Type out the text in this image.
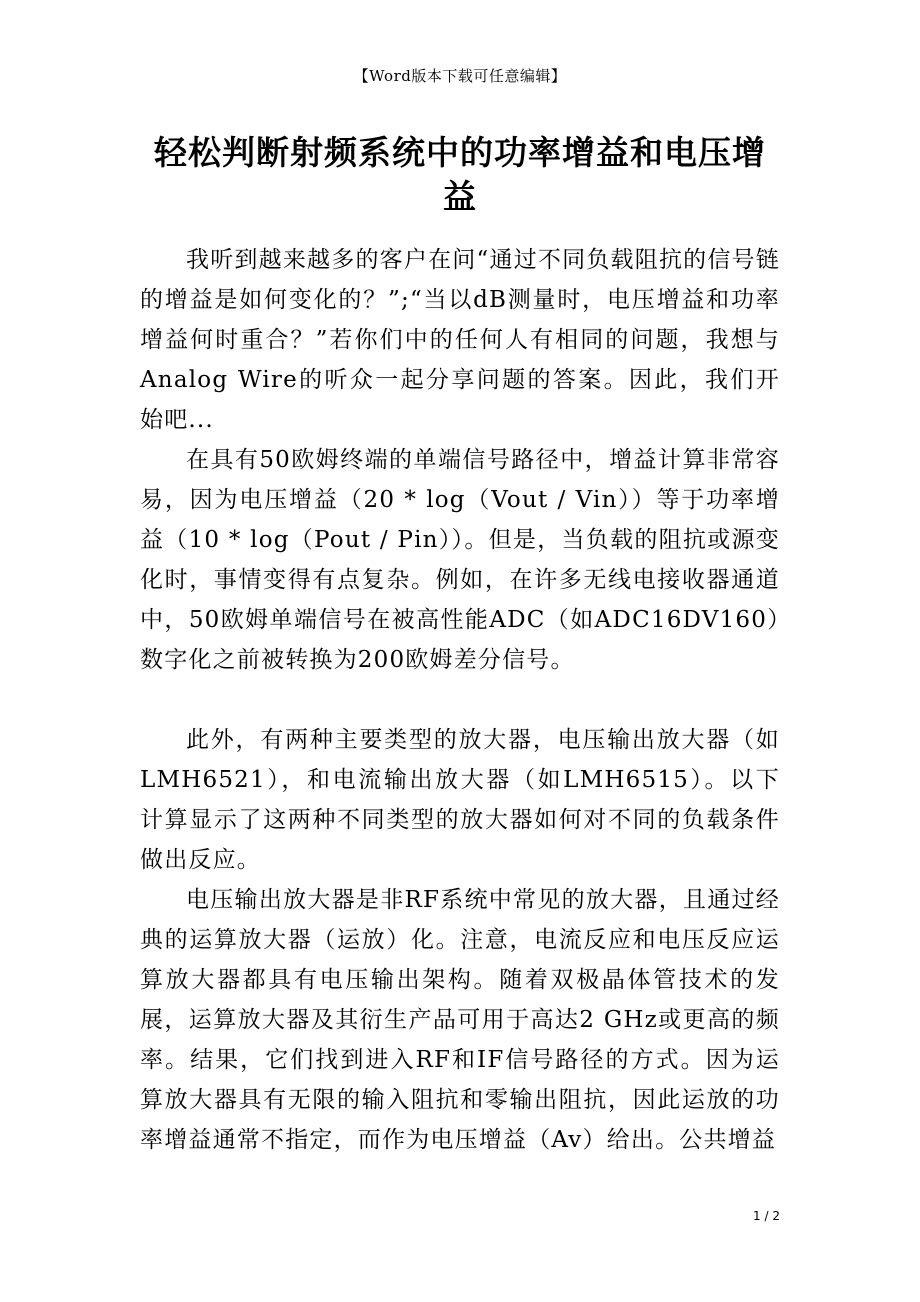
【Word版本下载可任意编辑】
轻松判断射频系统中的功率增益和电压增益

我听到越来越多的客户在问“通过不同负载阻抗的信号链的增益是如何变化的？”;“当以dB测量时，电压增益和功率增益何时重合？”若你们中的任何人有相同的问题，我想与Analog Wire的听众一起分享问题的答案。因此，我们开始吧...

在具有50欧姆终端的单端信号路径中，增益计算非常容易，因为电压增益（20 * log（Vout / Vin））等于功率增益（10 * log（Pout / Pin））。但是，当负载的阻抗或源变化时，事情变得有点复杂。例如，在许多无线电接收器通道中，50欧姆单端信号在被高性能ADC（如ADC16DV160）数字化之前被转换为200欧姆差分信号。

此外，有两种主要类型的放大器，电压输出放大器（如LMH6521），和电流输出放大器（如LMH6515）。以下计算显示了这两种不同类型的放大器如何对不同的负载条件做出反应。

电压输出放大器是非RF系统中常见的放大器，且通过经典的运算放大器（运放）化。注意，电流反应和电压反应运算放大器都具有电压输出架构。随着双极晶体管技术的发展，运算放大器及其衍生产品可用于高达2 GHz或更高的频率。结果，它们找到进入RF和IF信号路径的方式。因为运算放大器具有无限的输入阻抗和零输出阻抗，因此运放的功率增益通常不指定，而作为电压增益（Av）给出。公共增益

1 / 2
